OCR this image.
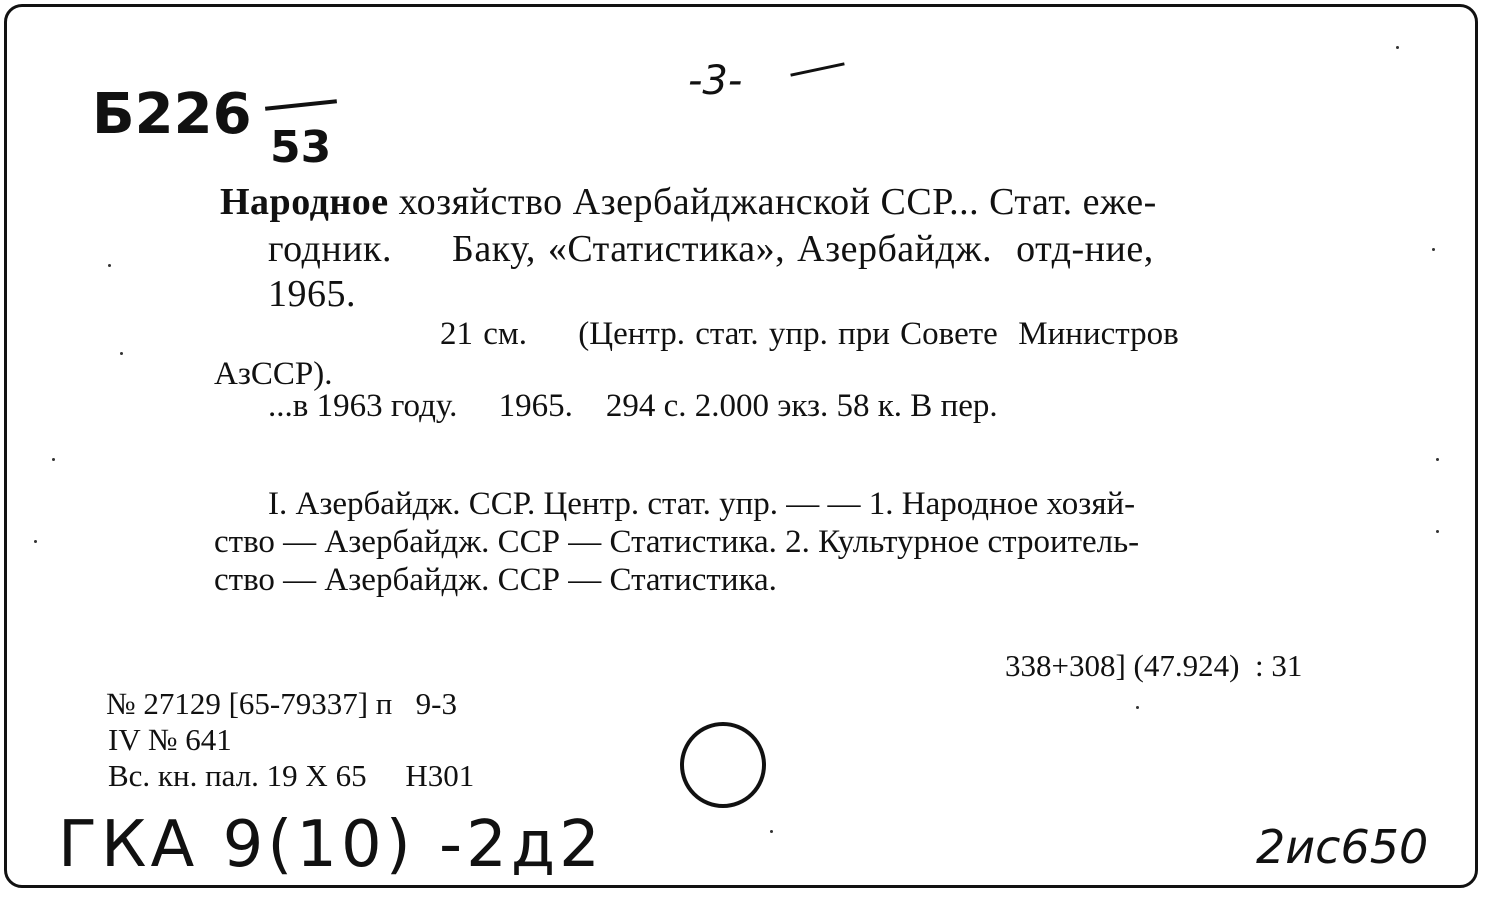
Б226
53
-3-
Народное хозяйство Азербайджанской ССР... Стат. еже-
годник.     Баку, «Статистика», Азербайдж.  отд-ние,
1965.
21 см.     (Центр. стат. упр. при Совете  Министров
АзССР).
...в 1963 году.     1965.    294 с. 2.000 экз. 58 к. В пер.
I. Азербайдж. ССР. Центр. стат. упр. — — 1. Народное хозяй-
ство — Азербайдж. ССР — Статистика. 2. Культурное строитель-
ство — Азербайдж. ССР — Статистика.
338+308] (47.924)  : 31
№ 27129 [65-79337] п   9-3
IV № 641
Вс. кн. пал. 19 X 65     Н301
ГКА 9(10) -2д2	2ис650
